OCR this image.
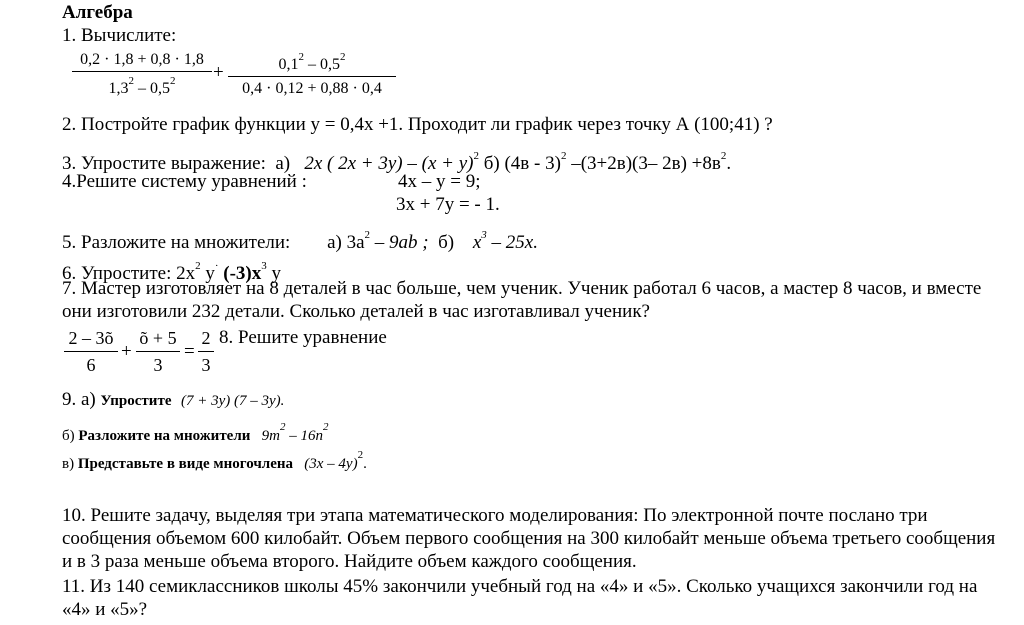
Алгебра
1. Вычислите:
0,2 · 1,8 + 0,8 · 1,8
$1,3^2 - 0,5^2$	+	$0,1^2 - 0,5^2$
0,4 · 0,12 + 0,88 · 0,4
2. Постройте график функции y = 0,4x +1. Проходит ли график через точку А (100;41) ?
3. Упростите выражение: а) 2x ( $2x + 3y) - (x + y)^2$ б) (4в - 3)$^2$ –(3+2в)(3– $2в) +8в^2$.
4.Решите систему уравнений :	4x – y = 9;
3x + 7y = - 1.
5. Разложите на множители: а) $3a^2 - 9ab$ ; б) $x^3 - 25x$.
6. Упростите: $2x^2$ y· $(-3)x^3$ y
7. Мастер изготовляет на 8 деталей в час больше, чем ученик. Ученик работал 6 часов, а мастер 8 часов, и вместе они изготовили 232 детали. Сколько деталей в час изготавливал ученик?
2 – 3õ
6
+
õ + 5
3
=
2
3
8. Решите уравнение
9. а) Упростите (7 + 3y) (7 – 3y).
б) Разложите на множители $9m^2 - 16n^2$
в) Представьте в виде многочлена (3x – 4y)$^2$.
10. Решите задачу, выделяя три этапа математического моделирования: По электронной почте послано три сообщения объемом 600 килобайт. Объем первого сообщения на 300 килобайт меньше объема третьего сообщения и в 3 раза меньше объема второго. Найдите объем каждого сообщения.
11. Из 140 семиклассников школы 45% закончили учебный год на «4» и «5». Сколько учащихся закончили год на «4» и «5»?
